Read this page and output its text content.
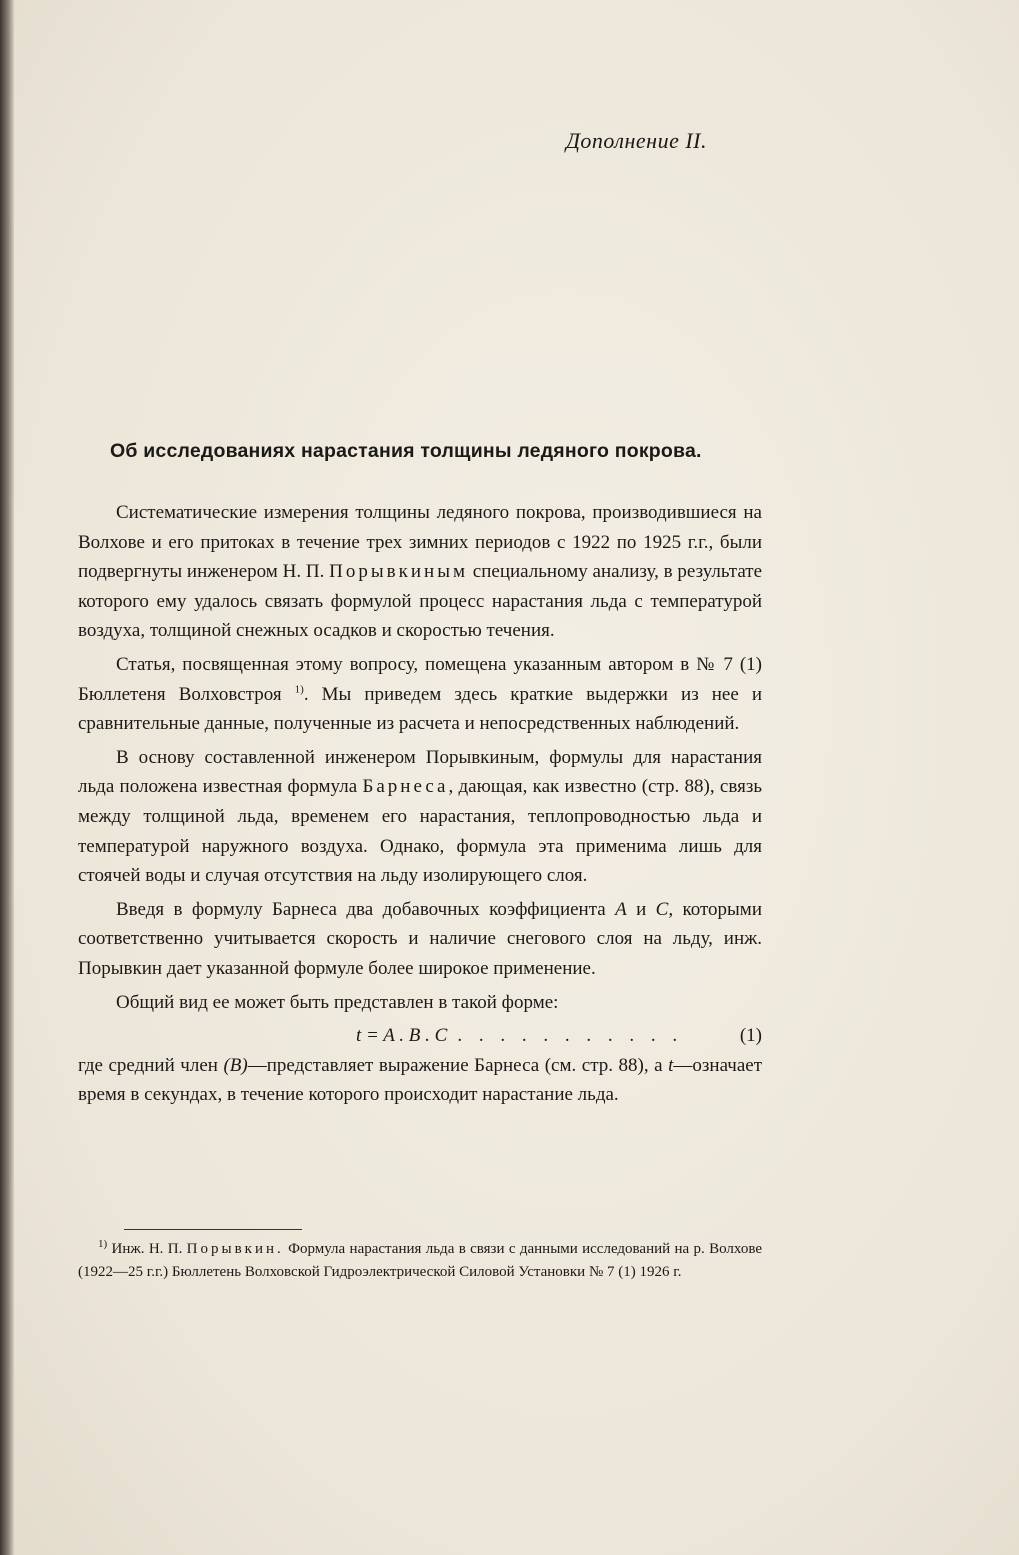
Дополнение II.
Об исследованиях нарастания толщины ледяного покрова.

Систематические измерения толщины ледяного покрова, производившиеся на Волхове и его притоках в течение трех зимних периодов с 1922 по 1925 г.г., были подвергнуты инженером Н. П. Порывкиным специальному анализу, в результате которого ему удалось связать формулой процесс нарастания льда с температурой воздуха, толщиной снежных осадков и скоростью течения.

Статья, посвященная этому вопросу, помещена указанным автором в № 7 (1) Бюллетеня Волховстроя $^{1)}$. Мы приведем здесь краткие выдержки из нее и сравнительные данные, полученные из расчета и непосредственных наблюдений.

В основу составленной инженером Порывкиным, формулы для нарастания льда положена известная формула Барнеса, дающая, как известно (стр. 88), связь между толщиной льда, временем его нарастания, теплопроводностью льда и температурой наружного воздуха. Однако, формула эта применима лишь для стоячей воды и случая отсутствия на льду изолирующего слоя.

Введя в формулу Барнеса два добавочных коэффициента A и C, которыми соответственно учитывается скорость и наличие снегового слоя на льду, инж. Порывкин дает указанной формуле более широкое применение.

Общий вид ее может быть представлен в такой форме:

t = A . B . C . . . . . . . . . . .	(1)

где средний член (B)—представляет выражение Барнеса (см. стр. 88), а t—означает время в секундах, в течение которого происходит нарастание льда.

$^{1)}$ Инж. Н. П. Порывкин. Формула нарастания льда в связи с данными исследований на р. Волхове (1922—25 г.г.) Бюллетень Волховской Гидроэлектрической Силовой Установки № 7 (1) 1926 г.
